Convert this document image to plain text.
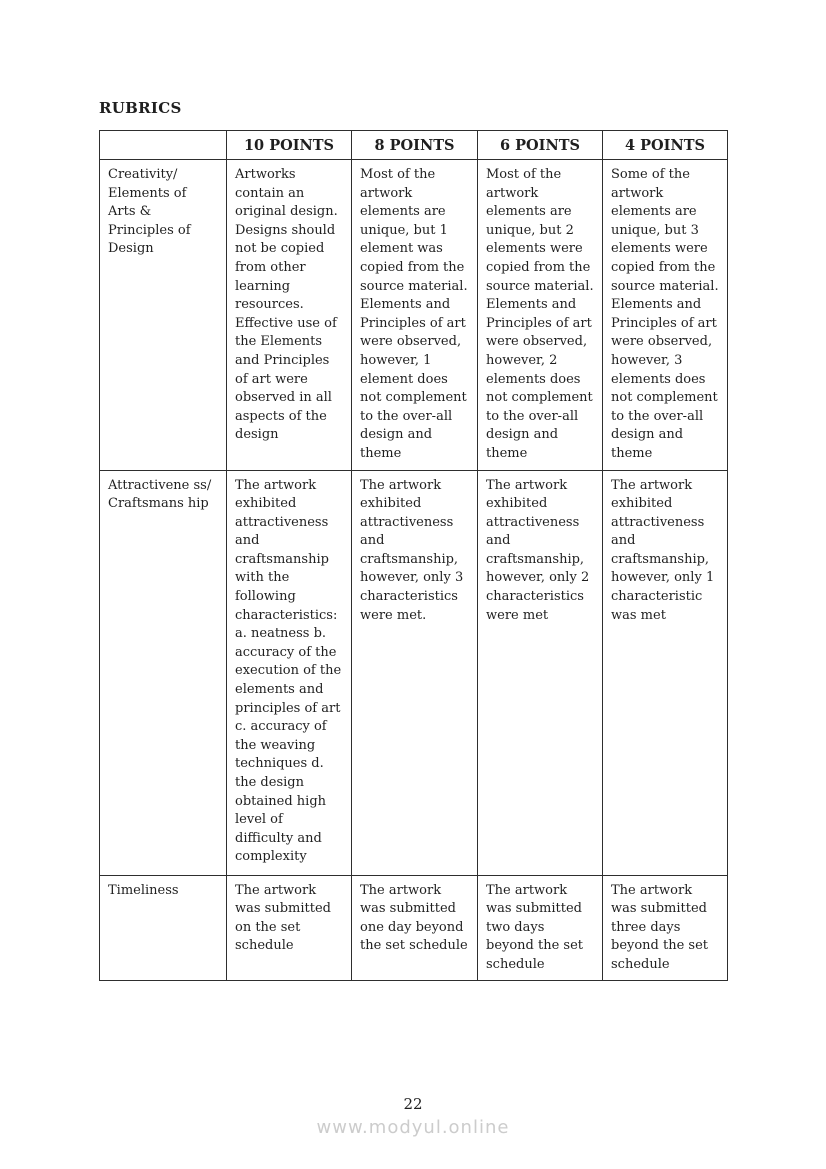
RUBRICS
	10 POINTS	8 POINTS	6 POINTS	4 POINTS
Creativity/ Elements of Arts & Principles of Design	Artworks contain an original design. Designs should not be copied from other learning resources. Effective use of the Elements and Principles of art were observed in all aspects of the design	Most of the artwork elements are unique, but 1 element was copied from the source material. Elements and Principles of art were observed, however, 1 element does not complement to the over-all design and theme	Most of the artwork elements are unique, but 2 elements were copied from the source material. Elements and Principles of art were observed, however, 2 elements does not complement to the over-all design and theme	Some of the artwork elements are unique, but 3 elements were copied from the source material. Elements and Principles of art were observed, however, 3 elements does not complement to the over-all design and theme
Attractivene ss/ Craftsmans hip	The artwork exhibited attractiveness and craftsmanship with the following characteristics: a. neatness b. accuracy of the execution of the elements and principles of art c. accuracy of the weaving techniques d. the design obtained high level of difficulty and complexity	The artwork exhibited attractiveness and craftsmanship, however, only 3 characteristics were met.	The artwork exhibited attractiveness and craftsmanship, however, only 2 characteristics were met	The artwork exhibited attractiveness and craftsmanship, however, only 1 characteristic was met
Timeliness	The artwork was submitted on the set schedule	The artwork was submitted one day beyond the set schedule	The artwork was submitted two days beyond the set schedule	The artwork was submitted three days beyond the set schedule
22
www.modyul.online
